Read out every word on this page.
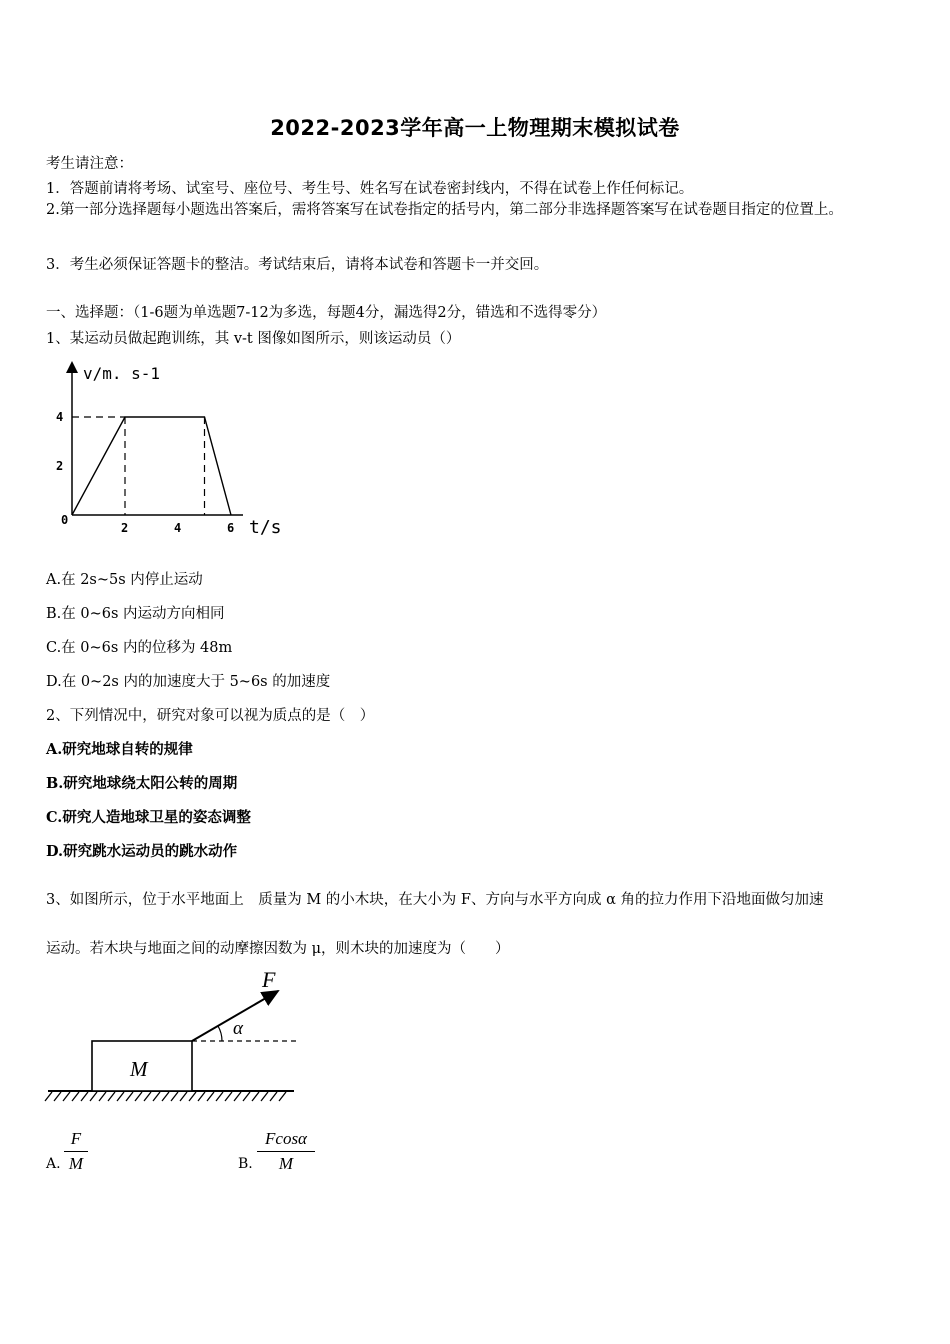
2022-2023学年高一上物理期末模拟试卷
考生请注意：
1．答题前请将考场、试室号、座位号、考生号、姓名写在试卷密封线内，不得在试卷上作任何标记。
2.第一部分选择题每小题选出答案后，需将答案写在试卷指定的括号内，第二部分非选择题答案写在试卷题目指定的位置上。
3．考生必须保证答题卡的整洁。考试结束后，请将本试卷和答题卡一并交回。
一、选择题：（1-6题为单选题7-12为多选，每题4分，漏选得2分，错选和不选得零分）
1、某运动员做起跑训练，其 v-t 图像如图所示，则该运动员（）
v/m. s-1
t/s
0
2	4	6
2
4
A.在 2s~5s 内停止运动
B.在 0~6s 内运动方向相同
C.在 0~6s 内的位移为 48m
D.在 0~2s 内的加速度大于 5~6s 的加速度
2、下列情况中，研究对象可以视为质点的是（　）
A.研究地球自转的规律
B.研究地球绕太阳公转的周期
C.研究人造地球卫星的姿态调整
D.研究跳水运动员的跳水动作
3、如图所示，位于水平地面上　质量为 M 的小木块，在大小为 F、方向与水平方向成 α 角的拉力作用下沿地面做匀加速
运动。若木块与地面之间的动摩擦因数为 μ，则木块的加速度为（　　）
M
F
α
A. $\frac{F}{M}$	B. $\frac{Fcos\alpha}{M}$
